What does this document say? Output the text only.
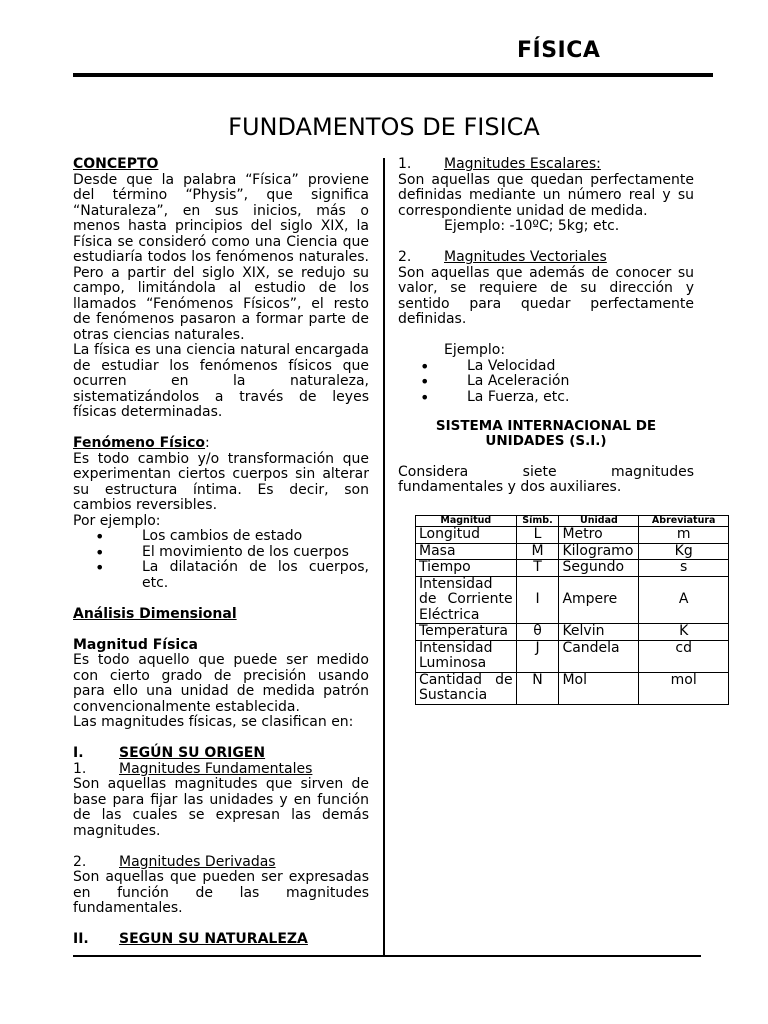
FÍSICA
FUNDAMENTOS DE FISICA

CONCEPTO

Desde que la palabra “Física” proviene del término “Physis”, que significa “Naturaleza”, en sus inicios, más o menos hasta principios del siglo XIX, la Física se consideró como una Ciencia que estudiaría todos los fenómenos naturales. Pero a partir del siglo XIX, se redujo su campo, limitándola al estudio de los llamados “Fenómenos Físicos”, el resto de fenómenos pasaron a formar parte de otras ciencias naturales.

La física es una ciencia natural encargada de estudiar los fenómenos físicos que ocurren en la naturaleza, sistematizándolos a través de leyes físicas determinadas.

Fenómeno Físico:

Es todo cambio y/o transformación que experimentan ciertos cuerpos sin alterar su estructura íntima. Es decir, son cambios reversibles.

Por ejemplo:

• Los cambios de estado
• El movimiento de los cuerpos
• La dilatación de los cuerpos, etc.

Análisis Dimensional

Magnitud Física

Es todo aquello que puede ser medido con cierto grado de precisión usando para ello una unidad de medida patrón convencionalmente establecida.

Las magnitudes físicas, se clasifican en:

I.	SEGÚN SU ORIGEN
1.	Magnitudes Fundamentales

Son aquellas magnitudes que sirven de base para fijar las unidades y en función de las cuales se expresan las demás magnitudes.

2.	Magnitudes Derivadas

Son aquellas que pueden ser expresadas en función de las magnitudes fundamentales.

II.	SEGUN SU NATURALEZA
1.	Magnitudes Escalares:

Son aquellas que quedan perfectamente definidas mediante un número real y su correspondiente unidad de medida.

Ejemplo: -10ºC; 5kg; etc.

2.	Magnitudes Vectoriales

Son aquellas que además de conocer su valor, se requiere de su dirección y sentido para quedar perfectamente definidas.

Ejemplo:

• La Velocidad
• La Aceleración
• La Fuerza, etc.

SISTEMA INTERNACIONAL DE

UNIDADES (S.I.)

Considera siete magnitudes fundamentales y dos auxiliares.

Magnitud	Símb.	Unidad	Abreviatura
Longitud	L	Metro	m
Masa	M	Kilogramo	Kg
Tiempo	T	Segundo	s
Intensidad de Corriente Eléctrica	I	Ampere	A
Temperatura	θ	Kelvin	K
Intensidad Luminosa	J	Candela	cd
Cantidad de Sustancia	N	Mol	mol
